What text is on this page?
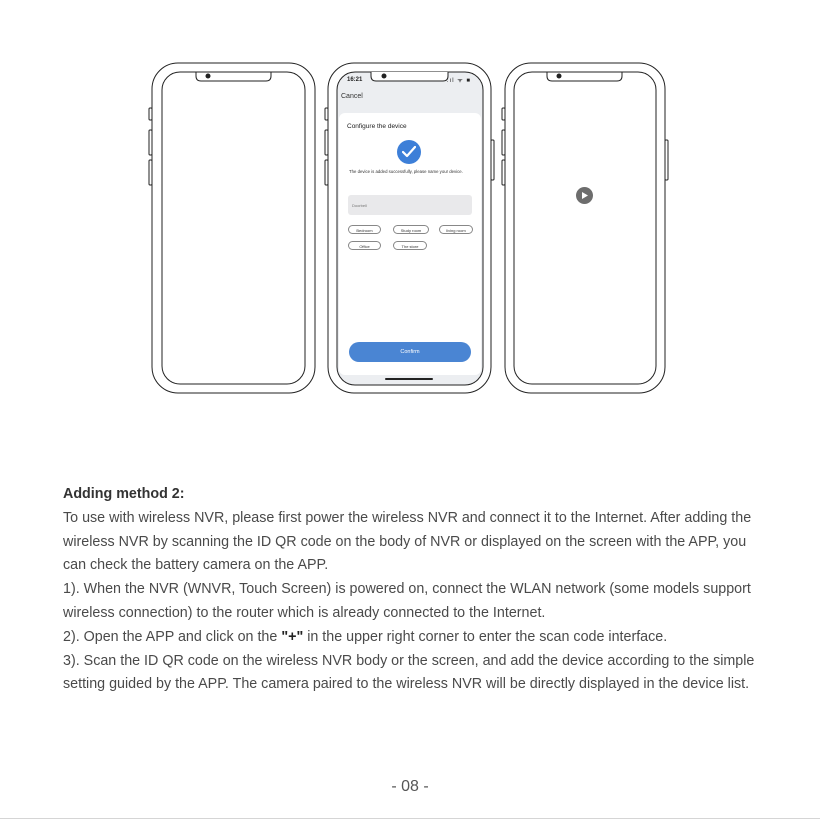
16:21	.ıl ᯤ ■
Cancel
Configure the device
The device is added successfully, please name your device.
Doorbell
Bedroom	Study room	living room
Office	The store
Confirm

Adding method 2:

To use with wireless NVR, please first power the wireless NVR and connect it to the Internet. After adding the wireless NVR by scanning the ID QR code on the body of NVR or displayed on the screen with the APP, you can check the battery camera on the APP.

1). When the NVR (WNVR, Touch Screen) is powered on, connect the WLAN network (some models support wireless connection) to the router which is already connected to the Internet.

2). Open the APP and click on the "+" in the upper right corner to enter the scan code interface.

3). Scan the ID QR code on the wireless NVR body or the screen, and add the device according to the simple setting guided by the APP. The camera paired to the wireless NVR will be directly displayed in the device list.

- 08 -
